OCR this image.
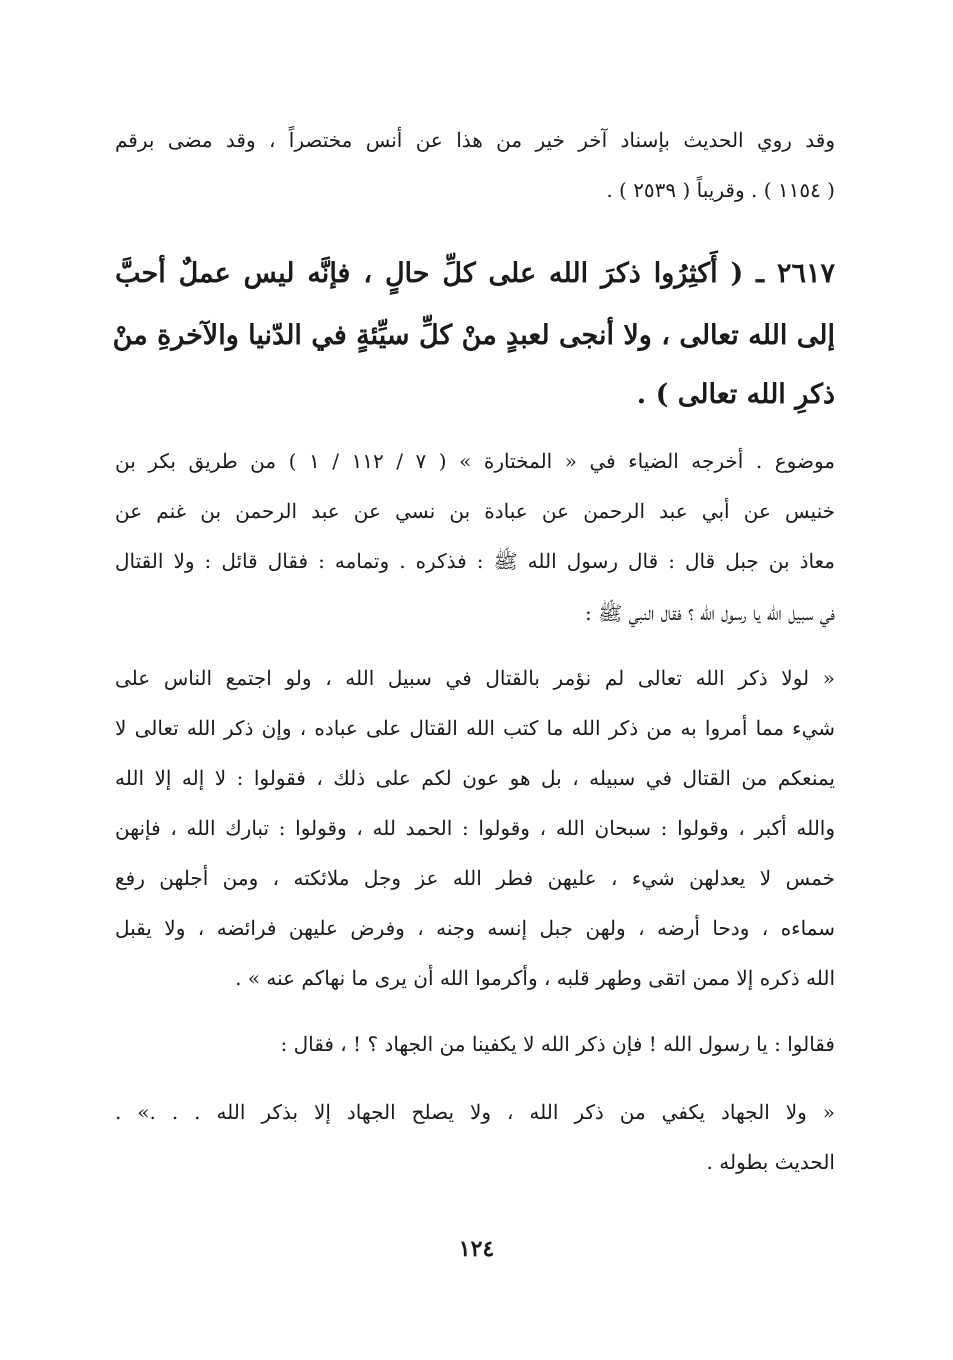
وقد روي الحديث بإسناد آخر خير من هذا عن أنس مختصراً ، وقد مضى برقم
( ١١٥٤ ) . وقريباً ( ٢٥٣٩ ) .
٢٦١٧ ـ ( أَكثِرُوا ذكرَ الله على كلِّ حالٍ ، فإنَّه ليس عملٌ أحبَّ
إلى الله تعالى ، ولا أنجى لعبدٍ منْ كلِّ سيِّئةٍ في الدّنيا والآخرةِ منْ
ذكرِ الله تعالى ) .
موضوع . أخرجه الضياء في « المختارة » ( ٧ / ١١٢ / ١ ) من طريق بكر بن
خنيس عن أبي عبد الرحمن عن عبادة بن نسي عن عبد الرحمن بن غنم عن
معاذ بن جبل قال : قال رسول الله ﷺ : فذكره . وتمامه : فقال قائل : ولا القتال
في سبيل الله يا رسول الله ؟ فقال النبي ﷺ :
« لولا ذكر الله تعالى لم نؤمر بالقتال في سبيل الله ، ولو اجتمع الناس على
شيء مما أمروا به من ذكر الله ما كتب الله القتال على عباده ، وإن ذكر الله تعالى لا
يمنعكم من القتال في سبيله ، بل هو عون لكم على ذلك ، فقولوا : لا إله إلا الله
والله أكبر ، وقولوا : سبحان الله ، وقولوا : الحمد لله ، وقولوا : تبارك الله ، فإنهن
خمس لا يعدلهن شيء ، عليهن فطر الله عز وجل ملائكته ، ومن أجلهن رفع
سماءه ، ودحا أرضه ، ولهن جبل إنسه وجنه ، وفرض عليهن فرائضه ، ولا يقبل
الله ذكره إلا ممن اتقى وطهر قلبه ، وأكرموا الله أن يرى ما نهاكم عنه » .
فقالوا : يا رسول الله ! فإن ذكر الله لا يكفينا من الجهاد ؟ ! ، فقال :
« ولا الجهاد يكفي من ذكر الله ، ولا يصلح الجهاد إلا بذكر الله . . .» .
الحديث بطوله .
١٢٤
